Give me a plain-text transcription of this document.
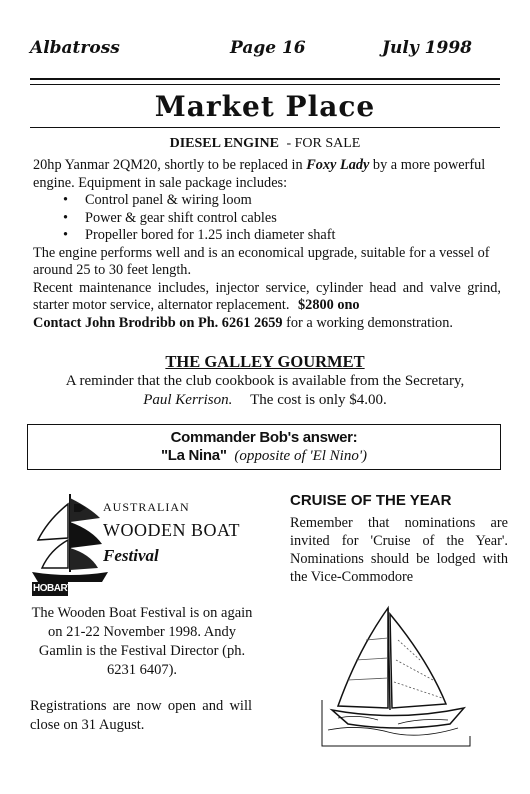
Albatross	Page 16	July 1998
Market Place
DIESEL ENGINE - FOR SALE
20hp Yanmar 2QM20, shortly to be replaced in Foxy Lady by a more powerful engine. Equipment in sale package includes:
• Control panel & wiring loom
• Power & gear shift control cables
• Propeller bored for 1.25 inch diameter shaft
The engine performs well and is an economical upgrade, suitable for a vessel of around 25 to 30 feet length.
Recent maintenance includes, injector service, cylinder head and valve grind, starter motor service, alternator replacement. $2800 ono
Contact John Brodribb on Ph. 6261 2659 for a working demonstration.
THE GALLEY GOURMET
A reminder that the club cookbook is available from the Secretary,
Paul Kerrison. The cost is only $4.00.
Commander Bob's answer:
"La Nina" (opposite of 'El Nino')
HOBART 96
AUSTRALIAN
WOODEN BOAT
Festival
The Wooden Boat Festival is on again on 21-22 November 1998. Andy Gamlin is the Festival Director (ph. 6231 6407).
Registrations are now open and will close on 31 August.
CRUISE OF THE YEAR
Remember that nominations are invited for 'Cruise of the Year'. Nominations should be lodged with the Vice-Commodore
